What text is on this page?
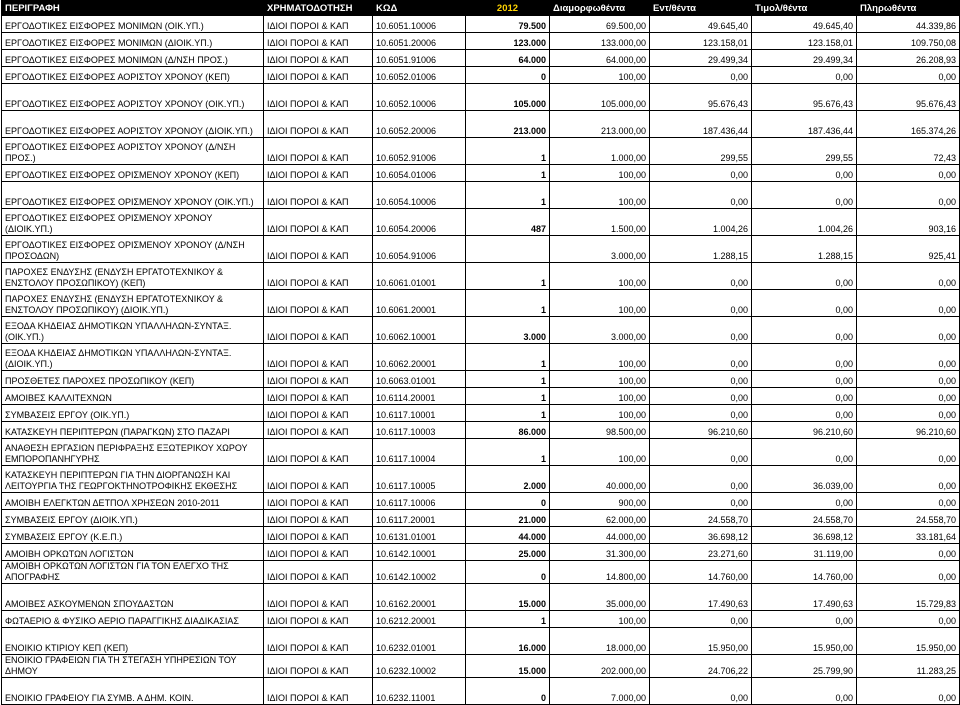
ΠΕΡΙΓΡΑΦΗ	ΧΡΗΜΑΤΟΔΟΤΗΣΗ	ΚΩΔ	2012	Διαμορφωθέντα	Εντ/θέντα	Τιμολ/θέντα	Πληρωθέντα
ΕΡΓΟΔΟΤΙΚΕΣ ΕΙΣΦΟΡΕΣ ΜΟΝΙΜΩΝ (ΟΙΚ.ΥΠ.)	ΙΔΙΟΙ ΠΟΡΟΙ & ΚΑΠ	10.6051.10006	79.500	69.500,00	49.645,40	49.645,40	44.339,86
ΕΡΓΟΔΟΤΙΚΕΣ ΕΙΣΦΟΡΕΣ ΜΟΝΙΜΩΝ (ΔΙΟΙΚ.ΥΠ.)	ΙΔΙΟΙ ΠΟΡΟΙ & ΚΑΠ	10.6051.20006	123.000	133.000,00	123.158,01	123.158,01	109.750,08
ΕΡΓΟΔΟΤΙΚΕΣ ΕΙΣΦΟΡΕΣ ΜΟΝΙΜΩΝ (Δ/ΝΣΗ ΠΡΟΣ.)	ΙΔΙΟΙ ΠΟΡΟΙ & ΚΑΠ	10.6051.91006	64.000	64.000,00	29.499,34	29.499,34	26.208,93
ΕΡΓΟΔΟΤΙΚΕΣ ΕΙΣΦΟΡΕΣ ΑΟΡΙΣΤΟΥ ΧΡΟΝΟΥ (ΚΕΠ)	ΙΔΙΟΙ ΠΟΡΟΙ & ΚΑΠ	10.6052.01006	0	100,00	0,00	0,00	0,00
ΕΡΓΟΔΟΤΙΚΕΣ ΕΙΣΦΟΡΕΣ ΑΟΡΙΣΤΟΥ ΧΡΟΝΟΥ (ΟΙΚ.ΥΠ.)	ΙΔΙΟΙ ΠΟΡΟΙ & ΚΑΠ	10.6052.10006	105.000	105.000,00	95.676,43	95.676,43	95.676,43
ΕΡΓΟΔΟΤΙΚΕΣ ΕΙΣΦΟΡΕΣ ΑΟΡΙΣΤΟΥ ΧΡΟΝΟΥ (ΔΙΟΙΚ.ΥΠ.)	ΙΔΙΟΙ ΠΟΡΟΙ & ΚΑΠ	10.6052.20006	213.000	213.000,00	187.436,44	187.436,44	165.374,26
ΕΡΓΟΔΟΤΙΚΕΣ ΕΙΣΦΟΡΕΣ ΑΟΡΙΣΤΟΥ ΧΡΟΝΟΥ (Δ/ΝΣΗ ΠΡΟΣ.)	ΙΔΙΟΙ ΠΟΡΟΙ & ΚΑΠ	10.6052.91006	1	1.000,00	299,55	299,55	72,43
ΕΡΓΟΔΟΤΙΚΕΣ ΕΙΣΦΟΡΕΣ ΟΡΙΣΜΕΝΟΥ ΧΡΟΝΟΥ (ΚΕΠ)	ΙΔΙΟΙ ΠΟΡΟΙ & ΚΑΠ	10.6054.01006	1	100,00	0,00	0,00	0,00
ΕΡΓΟΔΟΤΙΚΕΣ ΕΙΣΦΟΡΕΣ ΟΡΙΣΜΕΝΟΥ ΧΡΟΝΟΥ (ΟΙΚ.ΥΠ.)	ΙΔΙΟΙ ΠΟΡΟΙ & ΚΑΠ	10.6054.10006	1	100,00	0,00	0,00	0,00
ΕΡΓΟΔΟΤΙΚΕΣ ΕΙΣΦΟΡΕΣ ΟΡΙΣΜΕΝΟΥ ΧΡΟΝΟΥ (ΔΙΟΙΚ.ΥΠ.)	ΙΔΙΟΙ ΠΟΡΟΙ & ΚΑΠ	10.6054.20006	487	1.500,00	1.004,26	1.004,26	903,16
ΕΡΓΟΔΟΤΙΚΕΣ ΕΙΣΦΟΡΕΣ ΟΡΙΣΜΕΝΟΥ ΧΡΟΝΟΥ (Δ/ΝΣΗ ΠΡΟΣΟΔΩΝ)	ΙΔΙΟΙ ΠΟΡΟΙ & ΚΑΠ	10.6054.91006		3.000,00	1.288,15	1.288,15	925,41
ΠΑΡΟΧΕΣ ΕΝΔΥΣΗΣ (ΕΝΔΥΣΗ ΕΡΓΑΤΟΤΕΧΝΙΚΟΥ & ΕΝΣΤΟΛΟΥ ΠΡΟΣΩΠΙΚΟΥ) (ΚΕΠ)	ΙΔΙΟΙ ΠΟΡΟΙ & ΚΑΠ	10.6061.01001	1	100,00	0,00	0,00	0,00
ΠΑΡΟΧΕΣ ΕΝΔΥΣΗΣ (ΕΝΔΥΣΗ ΕΡΓΑΤΟΤΕΧΝΙΚΟΥ & ΕΝΣΤΟΛΟΥ ΠΡΟΣΩΠΙΚΟΥ) (ΔΙΟΙΚ.ΥΠ.)	ΙΔΙΟΙ ΠΟΡΟΙ & ΚΑΠ	10.6061.20001	1	100,00	0,00	0,00	0,00
ΕΞΟΔΑ ΚΗΔΕΙΑΣ ΔΗΜΟΤΙΚΩΝ ΥΠΑΛΛΗΛΩΝ-ΣΥΝΤΑΞ. (ΟΙΚ.ΥΠ.)	ΙΔΙΟΙ ΠΟΡΟΙ & ΚΑΠ	10.6062.10001	3.000	3.000,00	0,00	0,00	0,00
ΕΞΟΔΑ ΚΗΔΕΙΑΣ ΔΗΜΟΤΙΚΩΝ ΥΠΑΛΛΗΛΩΝ-ΣΥΝΤΑΞ. (ΔΙΟΙΚ.ΥΠ.)	ΙΔΙΟΙ ΠΟΡΟΙ & ΚΑΠ	10.6062.20001	1	100,00	0,00	0,00	0,00
ΠΡΟΣΘΕΤΕΣ ΠΑΡΟΧΕΣ ΠΡΟΣΩΠΙΚΟΥ (ΚΕΠ)	ΙΔΙΟΙ ΠΟΡΟΙ & ΚΑΠ	10.6063.01001	1	100,00	0,00	0,00	0,00
ΑΜΟΙΒΕΣ ΚΑΛΛΙΤΕΧΝΩΝ	ΙΔΙΟΙ ΠΟΡΟΙ & ΚΑΠ	10.6114.20001	1	100,00	0,00	0,00	0,00
ΣΥΜΒΑΣΕΙΣ ΕΡΓΟΥ (ΟΙΚ.ΥΠ.)	ΙΔΙΟΙ ΠΟΡΟΙ & ΚΑΠ	10.6117.10001	1	100,00	0,00	0,00	0,00
ΚΑΤΑΣΚΕΥΗ ΠΕΡΙΠΤΕΡΩΝ (ΠΑΡΑΓΚΩΝ) ΣΤΟ ΠΑΖΑΡΙ	ΙΔΙΟΙ ΠΟΡΟΙ & ΚΑΠ	10.6117.10003	86.000	98.500,00	96.210,60	96.210,60	96.210,60
ΑΝΑΘΕΣΗ ΕΡΓΑΣΙΩΝ ΠΕΡΙΦΡΑΞΗΣ ΕΞΩΤΕΡΙΚΟΥ ΧΩΡΟΥ ΕΜΠΟΡΟΠΑΝΗΓΥΡΗΣ	ΙΔΙΟΙ ΠΟΡΟΙ & ΚΑΠ	10.6117.10004	1	100,00	0,00	0,00	0,00
ΚΑΤΑΣΚΕΥΗ ΠΕΡΙΠΤΕΡΩΝ ΓΙΑ ΤΗΝ ΔΙΟΡΓΑΝΩΣΗ ΚΑΙ ΛΕΙΤΟΥΡΓΙΑ ΤΗΣ ΓΕΩΡΓΟΚΤΗΝΟΤΡΟΦΙΚΗΣ ΕΚΘΕΣΗΣ	ΙΔΙΟΙ ΠΟΡΟΙ & ΚΑΠ	10.6117.10005	2.000	40.000,00	0,00	36.039,00	0,00
ΑΜΟΙΒΗ ΕΛΕΓΚΤΩΝ ΔΕΤΠΟΛ ΧΡΗΣΕΩΝ 2010-2011	ΙΔΙΟΙ ΠΟΡΟΙ & ΚΑΠ	10.6117.10006	0	900,00	0,00	0,00	0,00
ΣΥΜΒΑΣΕΙΣ ΕΡΓΟΥ (ΔΙΟΙΚ.ΥΠ.)	ΙΔΙΟΙ ΠΟΡΟΙ & ΚΑΠ	10.6117.20001	21.000	62.000,00	24.558,70	24.558,70	24.558,70
ΣΥΜΒΑΣΕΙΣ ΕΡΓΟΥ (Κ.Ε.Π.)	ΙΔΙΟΙ ΠΟΡΟΙ & ΚΑΠ	10.6131.01001	44.000	44.000,00	36.698,12	36.698,12	33.181,64
ΑΜΟΙΒΗ ΟΡΚΩΤΩΝ ΛΟΓΙΣΤΩΝ	ΙΔΙΟΙ ΠΟΡΟΙ & ΚΑΠ	10.6142.10001	25.000	31.300,00	23.271,60	31.119,00	0,00
ΑΜΟΙΒΗ ΟΡΚΩΤΩΝ ΛΟΓΙΣΤΩΝ ΓΙΑ ΤΟΝ ΕΛΕΓΧΟ ΤΗΣ ΑΠΟΓΡΑΦΗΣ	ΙΔΙΟΙ ΠΟΡΟΙ & ΚΑΠ	10.6142.10002	0	14.800,00	14.760,00	14.760,00	0,00
ΑΜΟΙΒΕΣ ΑΣΚΟΥΜΕΝΩΝ ΣΠΟΥΔΑΣΤΩΝ	ΙΔΙΟΙ ΠΟΡΟΙ & ΚΑΠ	10.6162.20001	15.000	35.000,00	17.490,63	17.490,63	15.729,83
ΦΩΤΑΕΡΙΟ & ΦΥΣΙΚΟ ΑΕΡΙΟ ΠΑΡΑΓΓΙΚΗΣ ΔΙΑΔΙΚΑΣΙΑΣ	ΙΔΙΟΙ ΠΟΡΟΙ & ΚΑΠ	10.6212.20001	1	100,00	0,00	0,00	0,00
ΕΝΟΙΚΙΟ ΚΤΙΡΙΟΥ ΚΕΠ (ΚΕΠ)	ΙΔΙΟΙ ΠΟΡΟΙ & ΚΑΠ	10.6232.01001	16.000	18.000,00	15.950,00	15.950,00	15.950,00
ΕΝΟΙΚΙΟ ΓΡΑΦΕΙΩΝ ΓΙΑ ΤΗ ΣΤΕΓΑΣΗ ΥΠΗΡΕΣΙΩΝ ΤΟΥ ΔΗΜΟΥ	ΙΔΙΟΙ ΠΟΡΟΙ & ΚΑΠ	10.6232.10002	15.000	202.000,00	24.706,22	25.799,90	11.283,25
ΕΝΟΙΚΙΟ ΓΡΑΦΕΙΟΥ ΓΙΑ ΣΥΜΒ. Α ΔΗΜ. ΚΟΙΝ.	ΙΔΙΟΙ ΠΟΡΟΙ & ΚΑΠ	10.6232.11001	0	7.000,00	0,00	0,00	0,00
